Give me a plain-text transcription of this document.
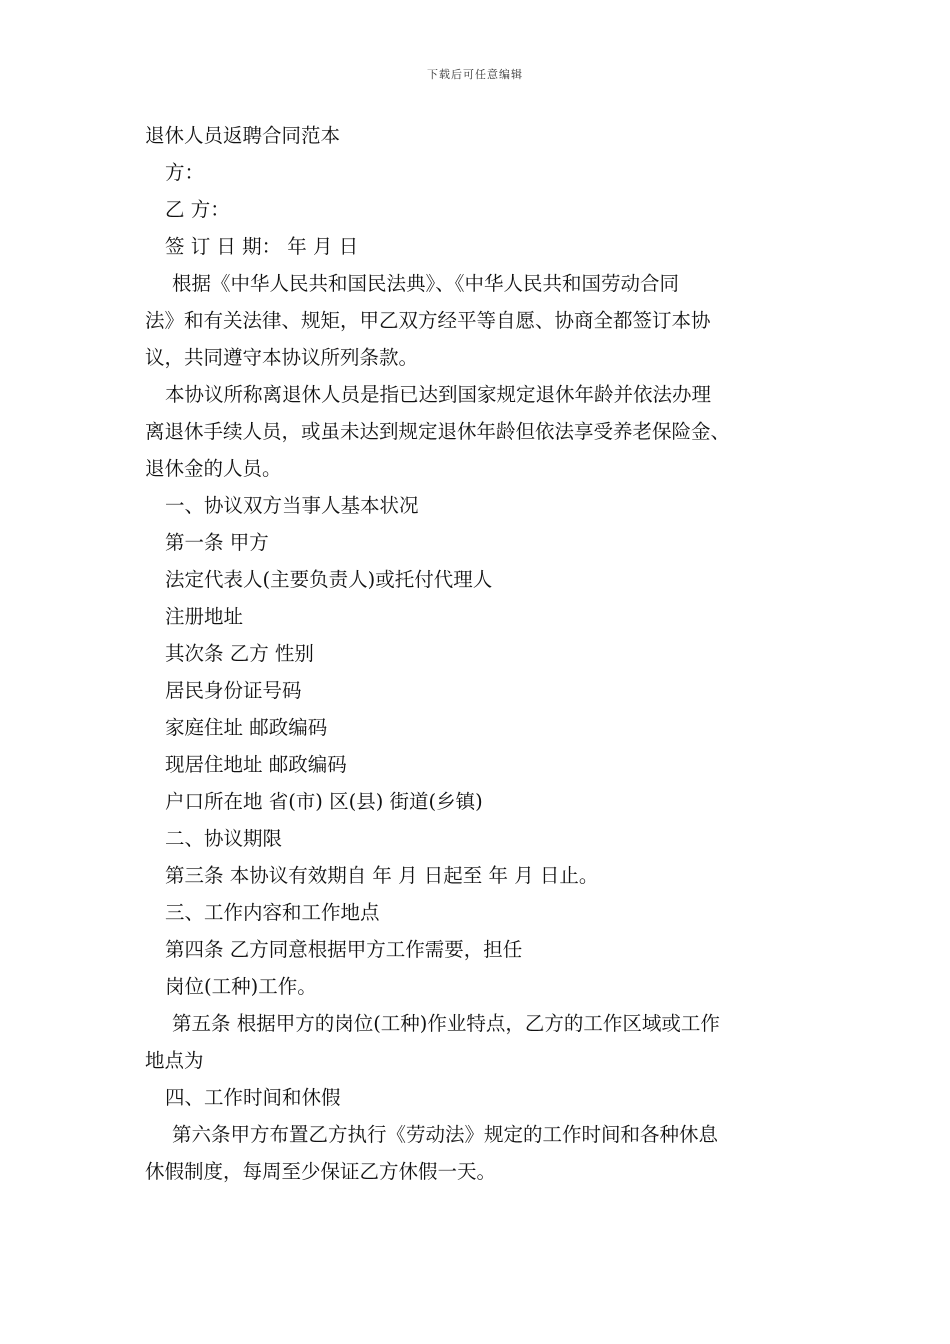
下载后可任意编辑
退休人员返聘合同范本
方：
乙 方：
签 订 日 期： 年 月 日
根据《中华人民共和国民法典》、《中华人民共和国劳动合同
法》和有关法律、规矩，甲乙双方经平等自愿、协商全都签订本协
议，共同遵守本协议所列条款。
本协议所称离退休人员是指已达到国家规定退休年龄并依法办理
离退休手续人员，或虽未达到规定退休年龄但依法享受养老保险金、
退休金的人员。
一、协议双方当事人基本状况
第一条 甲方
法定代表人(主要负责人)或托付代理人
注册地址
其次条 乙方 性别
居民身份证号码
家庭住址 邮政编码
现居住地址 邮政编码
户口所在地 省(市) 区(县) 街道(乡镇)
二、协议期限
第三条 本协议有效期自 年 月 日起至 年 月 日止。
三、工作内容和工作地点
第四条 乙方同意根据甲方工作需要，担任
岗位(工种)工作。
第五条 根据甲方的岗位(工种)作业特点，乙方的工作区域或工作
地点为
四、工作时间和休假
第六条甲方布置乙方执行《劳动法》规定的工作时间和各种休息
休假制度，每周至少保证乙方休假一天。
